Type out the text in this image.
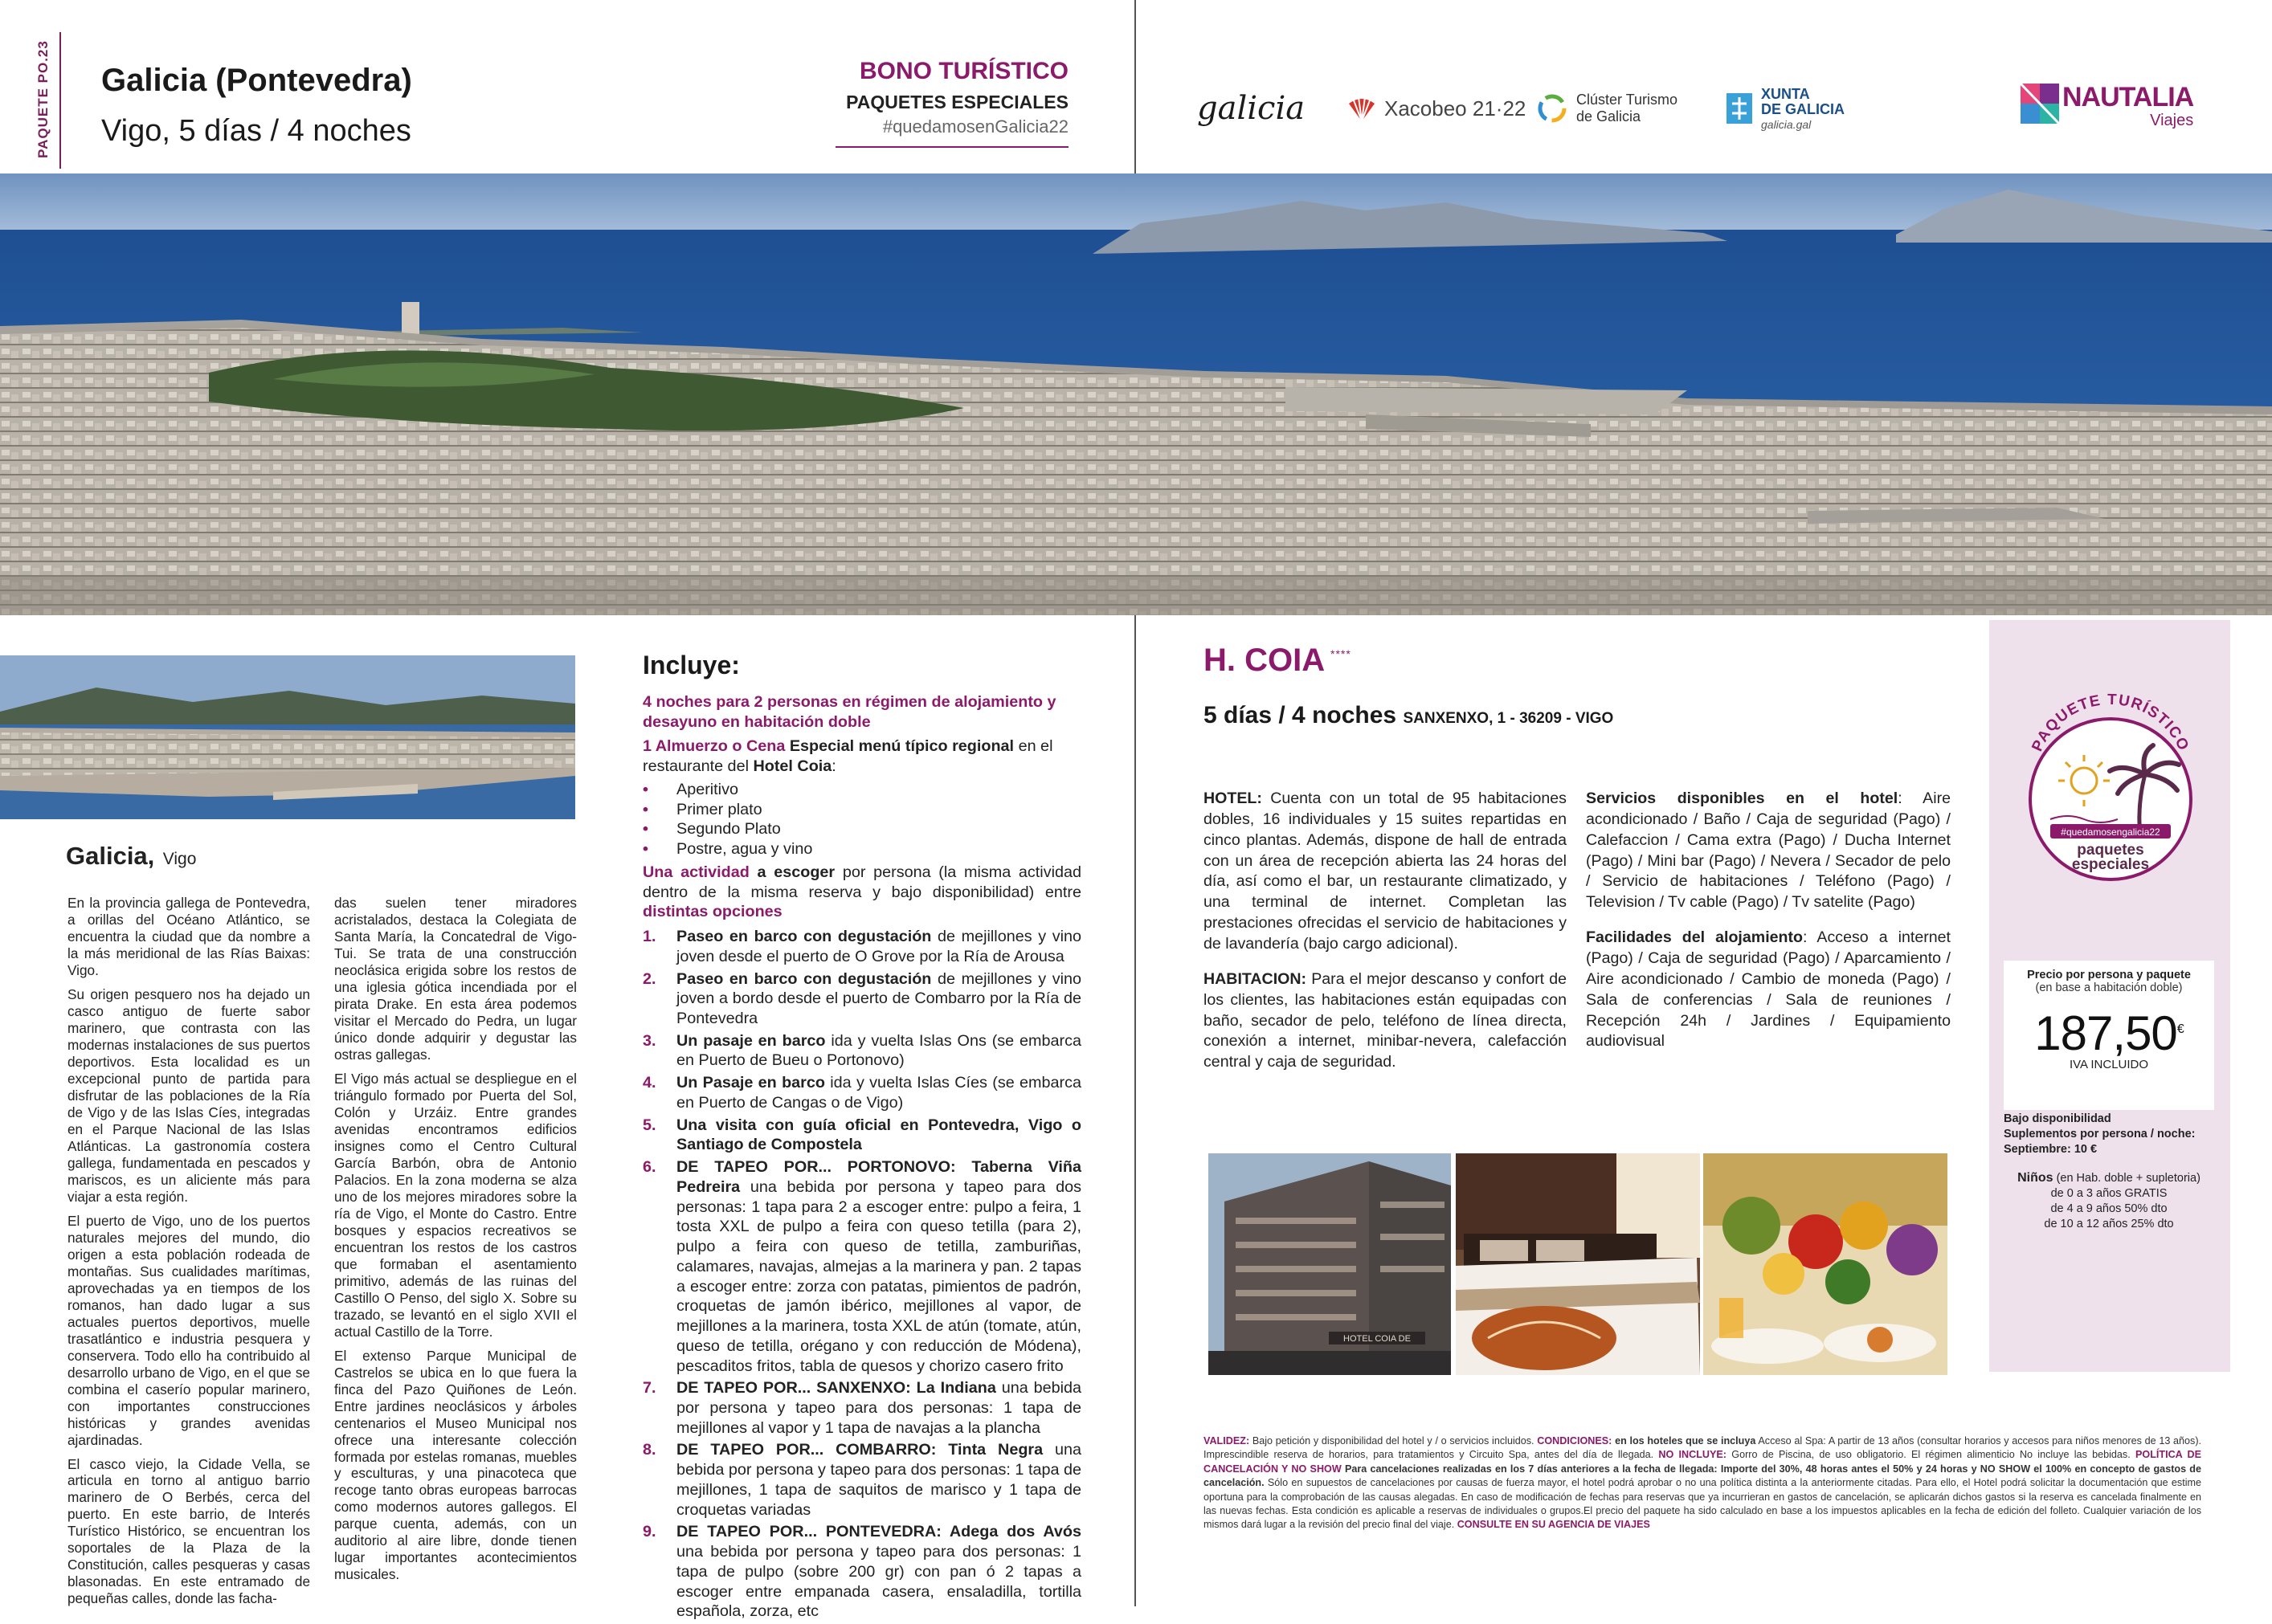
PAQUETE PO.23 Galicia (Pontevedra)
Vigo, 5 días / 4 noches
BONO TURÍSTICO
PAQUETES ESPECIALES
#quedamosenGalicia22	galicia	Xacobeo 21·22	Clúster Turismo
de Galicia
XUNTA
DE GALICIA
galicia.gal
NAUTALIA
Viajes
Galicia, Vigo

En la provincia gallega de Pontevedra, a orillas del Océano Atlántico, se encuentra la ciudad que da nombre a la más meridional de las Rías Baixas: Vigo.

Su origen pesquero nos ha dejado un casco antiguo de fuerte sabor marinero, que contrasta con las modernas instalaciones de sus puertos deportivos. Esta localidad es un excepcional punto de partida para disfrutar de las poblaciones de la Ría de Vigo y de las Islas Cíes, integradas en el Parque Nacional de las Islas Atlánticas. La gastronomía costera gallega, fundamentada en pescados y mariscos, es un aliciente más para viajar a esta región.

El puerto de Vigo, uno de los puertos naturales mejores del mundo, dio origen a esta población rodeada de montañas. Sus cualidades marítimas, aprovechadas ya en tiempos de los romanos, han dado lugar a sus actuales puertos deportivos, muelle trasatlántico e industria pesquera y conservera. Todo ello ha contribuido al desarrollo urbano de Vigo, en el que se combina el caserío popular marinero, con importantes construcciones históricas y grandes avenidas ajardinadas.

El casco viejo, la Cidade Vella, se articula en torno al antiguo barrio marinero de O Berbés, cerca del puerto. En este barrio, de Interés Turístico Histórico, se encuentran los soportales de la Plaza de la Constitución, calles pesqueras y casas blasonadas. En este entramado de pequeñas calles, donde las facha-

das suelen tener miradores acristalados, destaca la Colegiata de Santa María, la Concatedral de Vigo-Tui. Se trata de una construcción neoclásica erigida sobre los restos de una iglesia gótica incendiada por el pirata Drake. En esta área podemos visitar el Mercado do Pedra, un lugar único donde adquirir y degustar las ostras gallegas.

El Vigo más actual se despliegue en el triángulo formado por Puerta del Sol, Colón y Urzáiz. Entre grandes avenidas encontramos edificios insignes como el Centro Cultural García Barbón, obra de Antonio Palacios. En la zona moderna se alza uno de los mejores miradores sobre la ría de Vigo, el Monte do Castro. Entre bosques y espacios recreativos se encuentran los restos de los castros que formaban el asentamiento primitivo, además de las ruinas del Castillo O Penso, del siglo X. Sobre su trazado, se levantó en el siglo XVII el actual Castillo de la Torre.

El extenso Parque Municipal de Castrelos se ubica en lo que fuera la finca del Pazo Quiñones de León. Entre jardines neoclásicos y árboles centenarios el Museo Municipal nos ofrece una interesante colección formada por estelas romanas, muebles y esculturas, y una pinacoteca que recoge tanto obras europeas barrocas como modernos autores gallegos. El parque cuenta, además, con un auditorio al aire libre, donde tienen lugar importantes acontecimientos musicales.

Incluye:
4 noches para 2 personas en régimen de alojamiento y desayuno en habitación doble
1 Almuerzo o Cena Especial menú típico regional en el restaurante del Hotel Coia:
• Aperitivo
• Primer plato
• Segundo Plato
• Postre, agua y vino
Una actividad a escoger por persona (la misma actividad dentro de la misma reserva y bajo disponibilidad) entre distintas opciones
1.	Paseo en barco con degustación de mejillones y vino joven desde el puerto de O Grove por la Ría de Arousa
2.	Paseo en barco con degustación de mejillones y vino joven a bordo desde el puerto de Combarro por la Ría de Pontevedra
3.	Un pasaje en barco ida y vuelta Islas Ons (se embarca en Puerto de Bueu o Portonovo)
4.	Un Pasaje en barco ida y vuelta Islas Cíes (se embarca en Puerto de Cangas o de Vigo)
5.	Una visita con guía oficial en Pontevedra, Vigo o Santiago de Compostela
6.	DE TAPEO POR... PORTONOVO: Taberna Viña Pedreira una bebida por persona y tapeo para dos personas: 1 tapa para 2 a escoger entre: pulpo a feira, 1 tosta XXL de pulpo a feira con queso tetilla (para 2), pulpo a feira con queso de tetilla, zamburiñas, calamares, navajas, almejas a la marinera y pan. 2 tapas a escoger entre: zorza con patatas, pimientos de padrón, croquetas de jamón ibérico, mejillones al vapor, de mejillones a la marinera, tosta XXL de atún (tomate, atún, queso de tetilla, orégano y con reducción de Módena), pescaditos fritos, tabla de quesos y chorizo casero frito
7.	DE TAPEO POR... SANXENXO: La Indiana una bebida por persona y tapeo para dos personas: 1 tapa de mejillones al vapor y 1 tapa de navajas a la plancha
8.	DE TAPEO POR... COMBARRO: Tinta Negra una bebida por persona y tapeo para dos personas: 1 tapa de mejillones, 1 tapa de saquitos de marisco y 1 tapa de croquetas variadas
9.	DE TAPEO POR... PONTEVEDRA: Adega dos Avós una bebida por persona y tapeo para dos personas: 1 tapa de pulpo (sobre 200 gr) con pan ó 2 tapas a escoger entre empanada casera, ensaladilla, tortilla española, zorza, etc
H. COIA ****
5 días / 4 noches SANXENXO, 1 - 36209 - VIGO

HOTEL: Cuenta con un total de 95 habitaciones dobles, 16 individuales y 15 suites repartidas en cinco plantas. Además, dispone de hall de entrada con un área de recepción abierta las 24 horas del día, así como el bar, un restaurante climatizado, y una terminal de internet. Completan las prestaciones ofrecidas el servicio de habitaciones y de lavandería (bajo cargo adicional).

HABITACION: Para el mejor descanso y confort de los clientes, las habitaciones están equipadas con baño, secador de pelo, teléfono de línea directa, conexión a internet, minibar-nevera, calefacción central y caja de seguridad.

Servicios disponibles en el hotel: Aire acondicionado / Baño / Caja de seguridad (Pago) / Calefaccion / Cama extra (Pago) / Ducha Internet (Pago) / Mini bar (Pago) / Nevera / Secador de pelo / Servicio de habitaciones / Teléfono (Pago) / Television / Tv cable (Pago) / Tv satelite (Pago)

Facilidades del alojamiento: Acceso a internet (Pago) / Caja de seguridad (Pago) / Aparcamiento / Aire acondicionado / Cambio de moneda (Pago) / Sala de conferencias / Sala de reuniones / Recepción 24h / Jardines / Equipamiento audiovisual

PAQUETE TURÍSTICO
#quedamosengalicia22
paquetes
especiales
Precio por persona y paquete
(en base a habitación doble)
187,50€
IVA INCLUIDO
Bajo disponibilidad
Suplementos por persona / noche:
Septiembre: 10 €
Niños (en Hab. doble + supletoria)
de 0 a 3 años GRATIS
de 4 a 9 años 50% dto
de 10 a 12 años 25% dto
HOTEL COIA DE
VALIDEZ: Bajo petición y disponibilidad del hotel y / o servicios incluidos. CONDICIONES: en los hoteles que se incluya Acceso al Spa: A partir de 13 años (consultar horarios y accesos para niños menores de 13 años). Imprescindible reserva de horarios, para tratamientos y Circuito Spa, antes del día de llegada. NO INCLUYE: Gorro de Piscina, de uso obligatorio. El régimen alimenticio No incluye las bebidas. POLÍTICA DE CANCELACIÓN Y NO SHOW Para cancelaciones realizadas en los 7 días anteriores a la fecha de llegada: Importe del 30%, 48 horas antes el 50% y 24 horas y NO SHOW el 100% en concepto de gastos de cancelación. Sólo en supuestos de cancelaciones por causas de fuerza mayor, el hotel podrá aprobar o no una política distinta a la anteriormente citadas. Para ello, el Hotel podrá solicitar la documentación que estime oportuna para la comprobación de las causas alegadas. En caso de modificación de fechas para reservas que ya incurrieran en gastos de cancelación, se aplicarán dichos gastos si la reserva es cancelada finalmente en las nuevas fechas. Esta condición es aplicable a reservas de individuales o grupos.El precio del paquete ha sido calculado en base a los impuestos aplicables en la fecha de edición del folleto. Cualquier variación de los mismos dará lugar a la revisión del precio final del viaje. CONSULTE EN SU AGENCIA DE VIAJES
